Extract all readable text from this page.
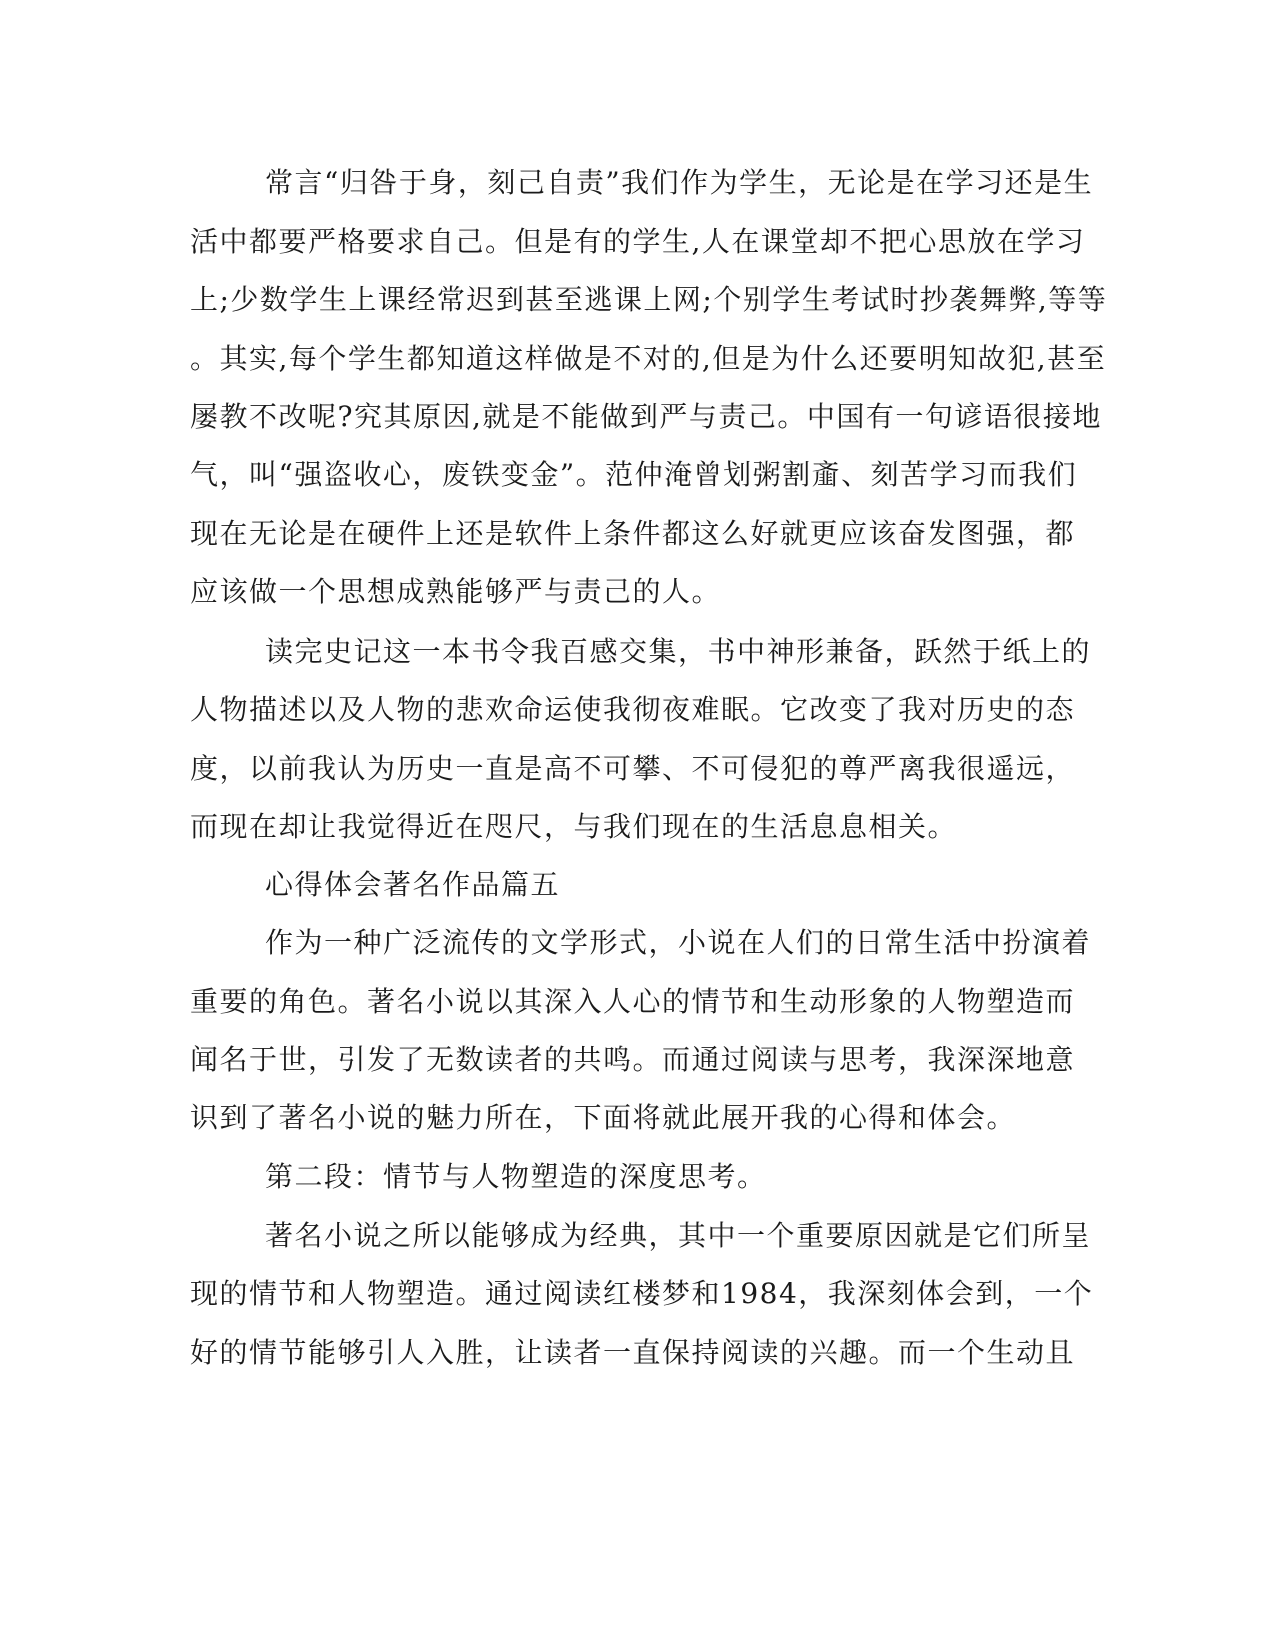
常言“归咎于身，刻己自责”我们作为学生，无论是在学习还是生
活中都要严格要求自己。但是有的学生,人在课堂却不把心思放在学习
上;少数学生上课经常迟到甚至逃课上网;个别学生考试时抄袭舞弊,等等
。其实,每个学生都知道这样做是不对的,但是为什么还要明知故犯,甚至
屡教不改呢?究其原因,就是不能做到严与责己。中国有一句谚语很接地
气，叫“强盗收心，废铁变金”。范仲淹曾划粥割齑、刻苦学习而我们
现在无论是在硬件上还是软件上条件都这么好就更应该奋发图强，都
应该做一个思想成熟能够严与责己的人。
读完史记这一本书令我百感交集，书中神形兼备，跃然于纸上的
人物描述以及人物的悲欢命运使我彻夜难眠。它改变了我对历史的态
度，以前我认为历史一直是高不可攀、不可侵犯的尊严离我很遥远，
而现在却让我觉得近在咫尺，与我们现在的生活息息相关。
心得体会著名作品篇五
作为一种广泛流传的文学形式，小说在人们的日常生活中扮演着
重要的角色。著名小说以其深入人心的情节和生动形象的人物塑造而
闻名于世，引发了无数读者的共鸣。而通过阅读与思考，我深深地意
识到了著名小说的魅力所在，下面将就此展开我的心得和体会。
第二段：情节与人物塑造的深度思考。
著名小说之所以能够成为经典，其中一个重要原因就是它们所呈
现的情节和人物塑造。通过阅读红楼梦和1984，我深刻体会到，一个
好的情节能够引人入胜，让读者一直保持阅读的兴趣。而一个生动且
